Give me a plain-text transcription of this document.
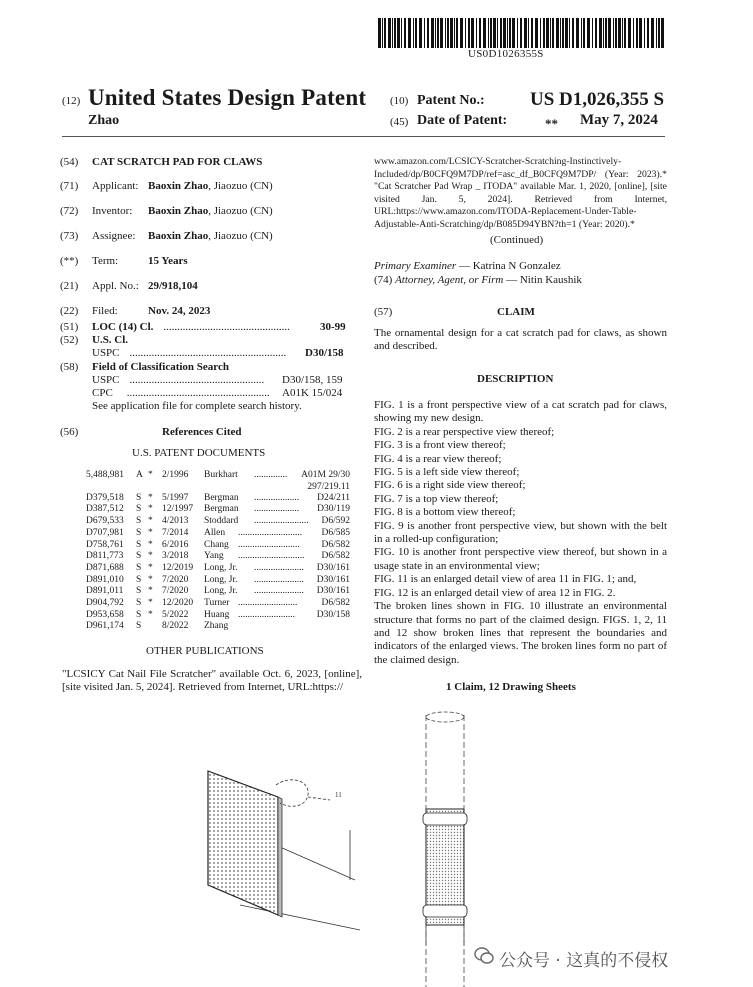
US0D1026355S
(12) United States Design Patent
Zhao
(10) Patent No.: US D1,026,355 S
(45) Date of Patent:	** May 7, 2024
(54) CAT SCRATCH PAD FOR CLAWS
(71) Applicant: Baoxin Zhao, Jiaozuo (CN)
(72) Inventor: Baoxin Zhao, Jiaozuo (CN)
(73) Assignee: Baoxin Zhao, Jiaozuo (CN)
(**) Term:	15 Years
(21) Appl. No.: 29/918,104
(22) Filed:	Nov. 24, 2023
(51) LOC (14) Cl. ..............................................	30-99
(52) U.S. Cl.
USPC ......................................................... D30/158
(58) Field of Classification Search
USPC ................................................. D30/158, 159
CPC .................................................... A01K 15/024
See application file for complete search history.
(56)	References Cited
U.S. PATENT DOCUMENTS
5,488,981 A * 2/1996 Burkhart .............. A01M 29/30
297/219.11
D379,518 S * 5/1997 Bergman ................... D24/211
D387,512 S * 12/1997 Bergman ................... D30/119
D679,533 S * 4/2013 Stoddard ....................... D6/592
D707,981 S * 7/2014 Allen ........................... D6/585
D758,761 S * 6/2016 Chang .......................... D6/582
D811,773 S * 3/2018 Yang ............................ D6/582
D871,688 S * 12/2019 Long, Jr. ..................... D30/161
D891,010 S * 7/2020 Long, Jr. ..................... D30/161
D891,011 S * 7/2020 Long, Jr. ..................... D30/161
D904,792 S * 12/2020 Turner .........................	D6/582
D953,658 S * 5/2022 Huang ........................ D30/158
D961,174 S 8/2022 Zhang
OTHER PUBLICATIONS
"LCSICY Cat Nail File Scratcher" available Oct. 6, 2023, [online], [site visited Jan. 5, 2024]. Retrieved from Internet, URL:https://
www.amazon.com/LCSICY-Scratcher-Scratching-Instinctively-Included/dp/B0CFQ9M7DP/ref=asc_df_B0CFQ9M7DP/ (Year: 2023).* "Cat Scratcher Pad Wrap _ ITODA" available Mar. 1, 2020, [online], [site visited Jan. 5, 2024]. Retrieved from Internet, URL:https://www.amazon.com/ITODA-Replacement-Under-Table-Adjustable-Anti-Scratching/dp/B085D94YBN?th=1 (Year: 2020).*
(Continued)
Primary Examiner — Katrina N Gonzalez
(74) Attorney, Agent, or Firm — Nitin Kaushik
(57)	CLAIM
The ornamental design for a cat scratch pad for claws, as shown and described.
DESCRIPTION
FIG. 1 is a front perspective view of a cat scratch pad for claws, showing my new design.
FIG. 2 is a rear perspective view thereof;
FIG. 3 is a front view thereof;
FIG. 4 is a rear view thereof;
FIG. 5 is a left side view thereof;
FIG. 6 is a right side view thereof;
FIG. 7 is a top view thereof;
FIG. 8 is a bottom view thereof;
FIG. 9 is another front perspective view, but shown with the belt in a rolled-up configuration;
FIG. 10 is another front perspective view thereof, but shown in a usage state in an environmental view;
FIG. 11 is an enlarged detail view of area 11 in FIG. 1; and,
FIG. 12 is an enlarged detail view of area 12 in FIG. 2.
The broken lines shown in FIG. 10 illustrate an environmental structure that forms no part of the claimed design. FIGS. 1, 2, 11 and 12 show broken lines that represent the boundaries and indicators of the enlarged views. The broken lines form no part of the claimed design.
1 Claim, 12 Drawing Sheets
11
公众号 · 这真的不侵权
